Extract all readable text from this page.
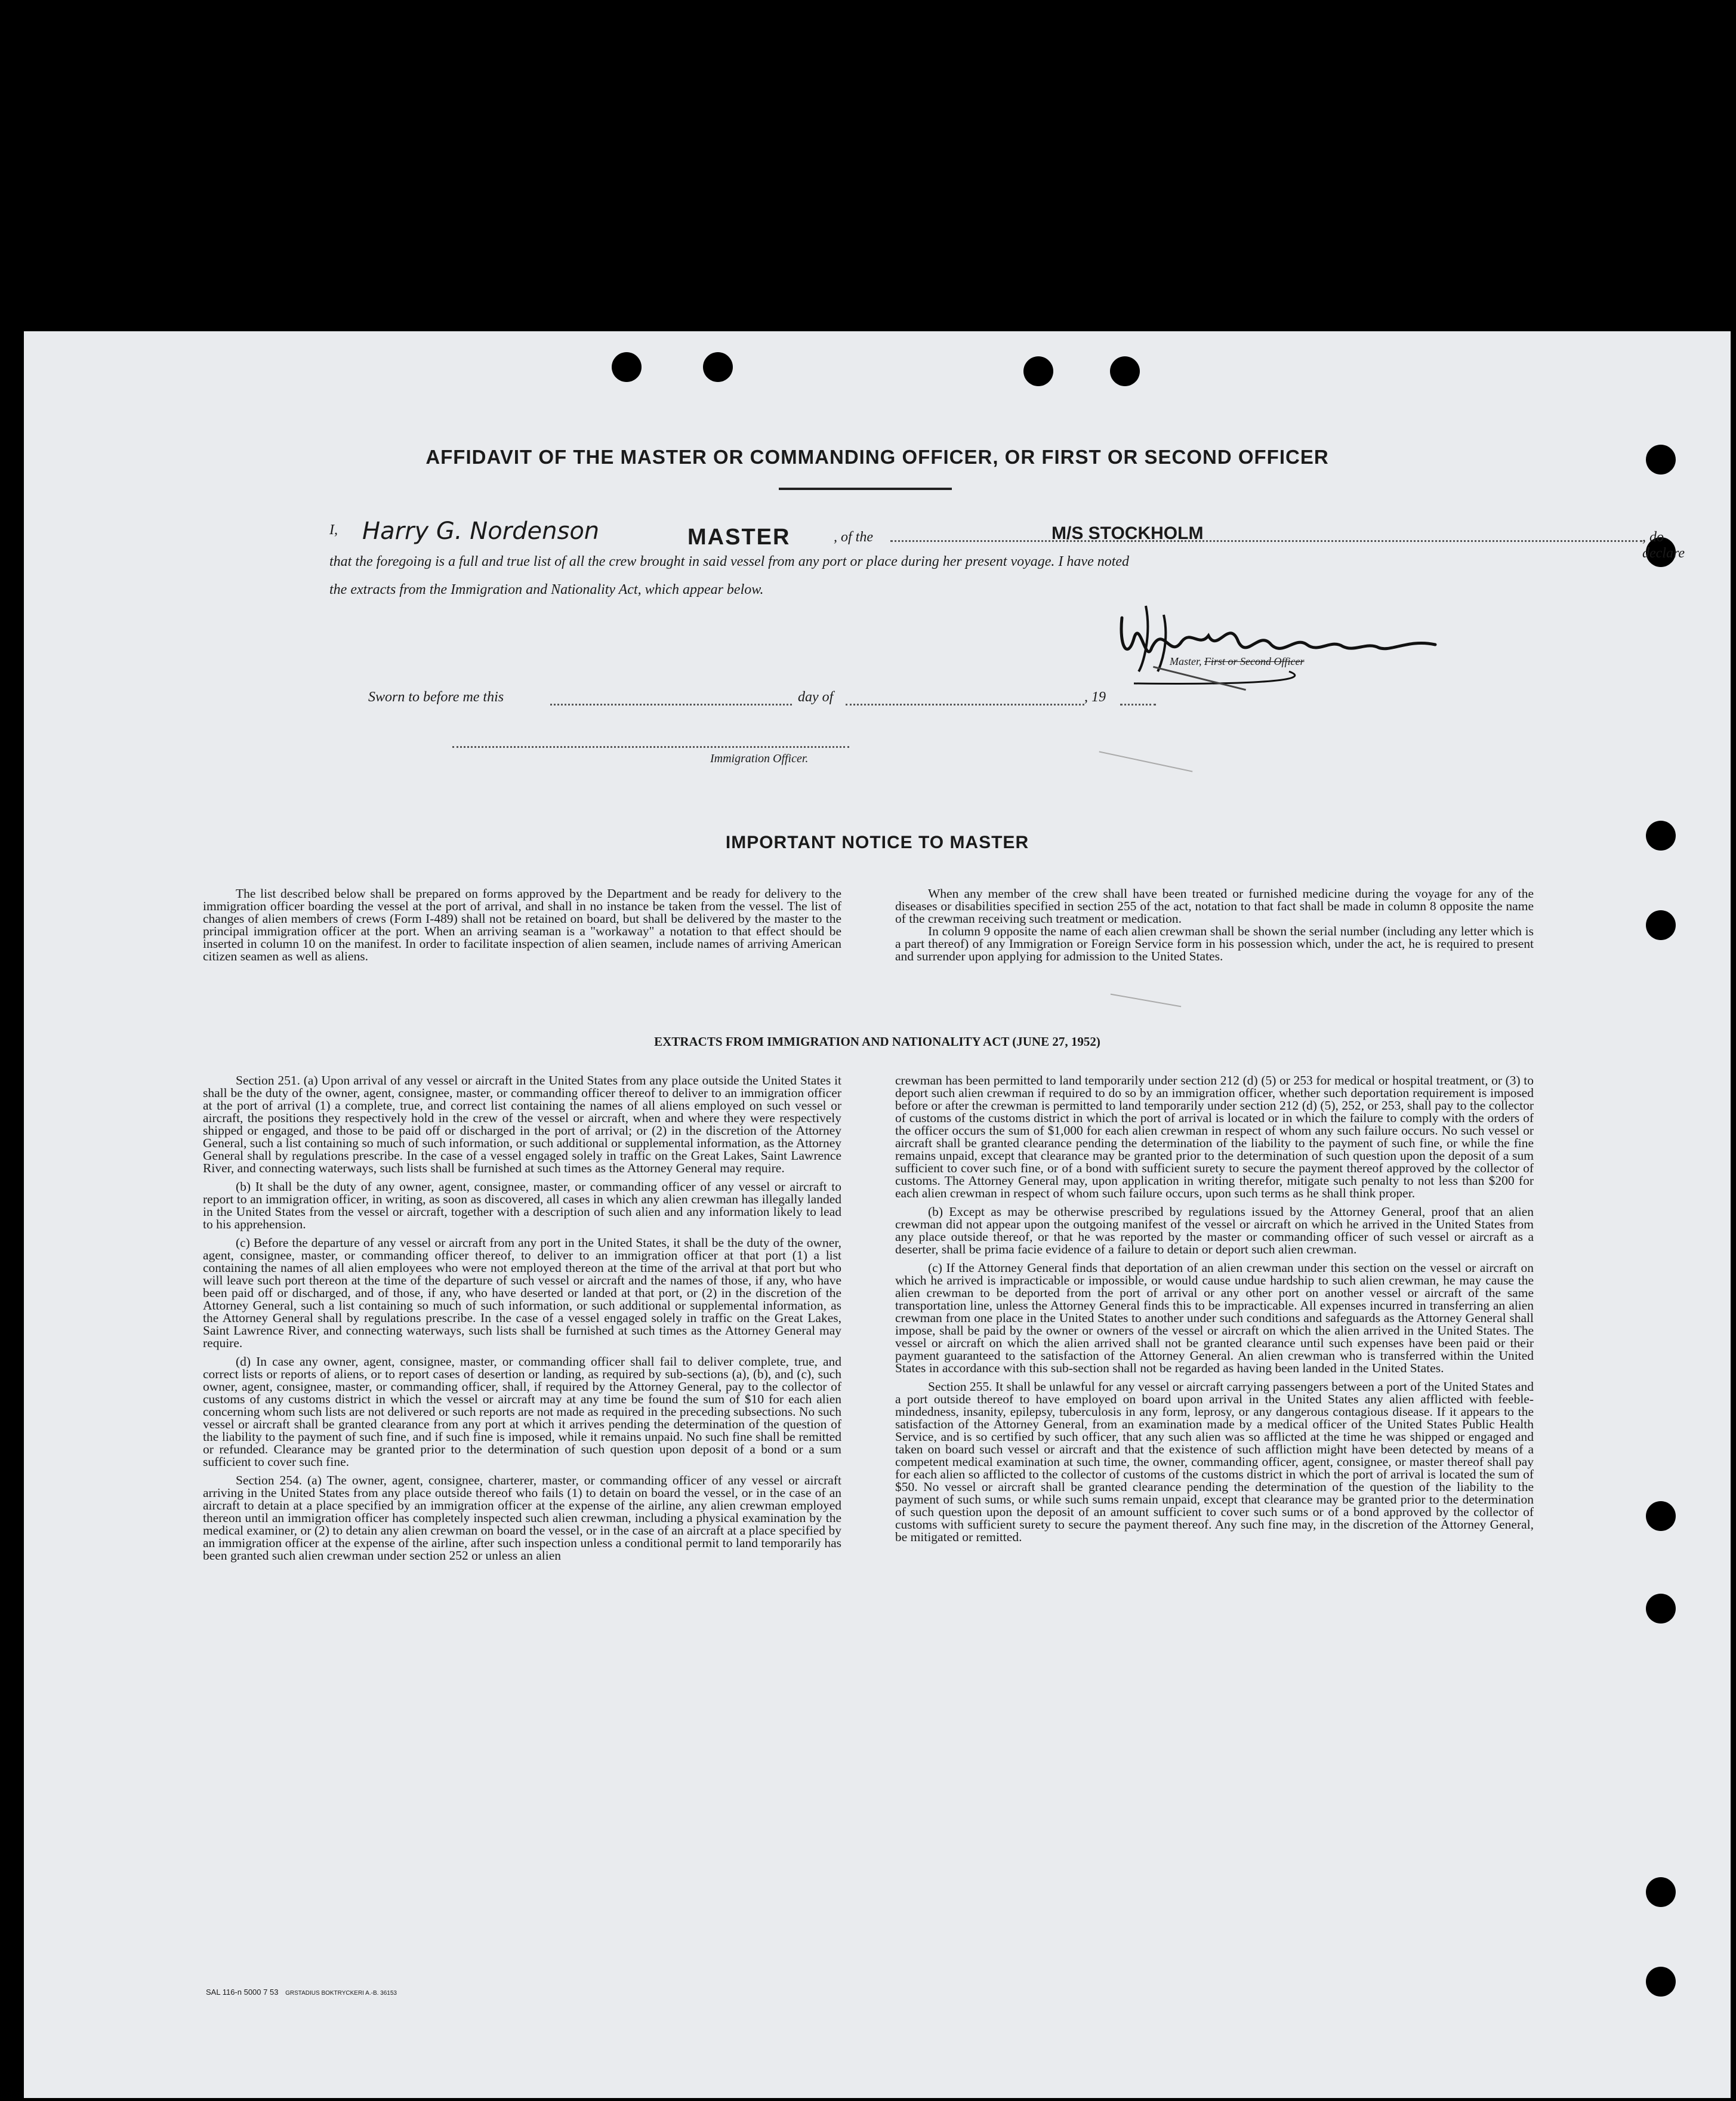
AFFIDAVIT OF THE MASTER OR COMMANDING OFFICER, OR FIRST OR SECOND OFFICER
I, Harry G. Nordenson	MASTER	, of the	M/S STOCKHOLM	, do declare
that the foregoing is a full and true list of all the crew brought in said vessel from any port or place during her present voyage. I have noted
the extracts from the Immigration and Nationality Act, which appear below.
Master, First or Second Officer
Sworn to before me this	day of	, 19
Immigration Officer.
IMPORTANT NOTICE TO MASTER

The list described below shall be prepared on forms approved by the Department and be ready for delivery to the immigration officer boarding the vessel at the port of arrival, and shall in no instance be taken from the vessel. The list of changes of alien members of crews (Form I-489) shall not be retained on board, but shall be delivered by the master to the principal immigration officer at the port. When an arriving seaman is a "workaway" a notation to that effect should be inserted in column 10 on the manifest. In order to facilitate inspection of alien seamen, include names of arriving American citizen seamen as well as aliens.

When any member of the crew shall have been treated or furnished medicine during the voyage for any of the diseases or disabilities specified in section 255 of the act, notation to that fact shall be made in column 8 opposite the name of the crewman receiving such treatment or medication.

In column 9 opposite the name of each alien crewman shall be shown the serial number (including any letter which is a part thereof) of any Immigration or Foreign Service form in his possession which, under the act, he is required to present and surrender upon applying for admission to the United States.

EXTRACTS FROM IMMIGRATION AND NATIONALITY ACT (JUNE 27, 1952)

Section 251. (a) Upon arrival of any vessel or aircraft in the United States from any place outside the United States it shall be the duty of the owner, agent, consignee, master, or commanding officer thereof to deliver to an immigration officer at the port of arrival (1) a complete, true, and correct list containing the names of all aliens employed on such vessel or aircraft, the positions they respectively hold in the crew of the vessel or aircraft, when and where they were respectively shipped or engaged, and those to be paid off or discharged in the port of arrival; or (2) in the discretion of the Attorney General, such a list containing so much of such information, or such additional or supplemental information, as the Attorney General shall by regulations prescribe. In the case of a vessel engaged solely in traffic on the Great Lakes, Saint Lawrence River, and connecting waterways, such lists shall be furnished at such times as the Attorney General may require.

(b) It shall be the duty of any owner, agent, consignee, master, or commanding officer of any vessel or aircraft to report to an immigration officer, in writing, as soon as discovered, all cases in which any alien crewman has illegally landed in the United States from the vessel or aircraft, together with a description of such alien and any information likely to lead to his apprehension.

(c) Before the departure of any vessel or aircraft from any port in the United States, it shall be the duty of the owner, agent, consignee, master, or commanding officer thereof, to deliver to an immigration officer at that port (1) a list containing the names of all alien employees who were not employed thereon at the time of the arrival at that port but who will leave such port thereon at the time of the departure of such vessel or aircraft and the names of those, if any, who have been paid off or discharged, and of those, if any, who have deserted or landed at that port, or (2) in the discretion of the Attorney General, such a list containing so much of such information, or such additional or supplemental information, as the Attorney General shall by regulations prescribe. In the case of a vessel engaged solely in traffic on the Great Lakes, Saint Lawrence River, and connecting waterways, such lists shall be furnished at such times as the Attorney General may require.

(d) In case any owner, agent, consignee, master, or commanding officer shall fail to deliver complete, true, and correct lists or reports of aliens, or to report cases of desertion or landing, as required by sub-sections (a), (b), and (c), such owner, agent, consignee, master, or commanding officer, shall, if required by the Attorney General, pay to the collector of customs of any customs district in which the vessel or aircraft may at any time be found the sum of $10 for each alien concerning whom such lists are not delivered or such reports are not made as required in the preceding subsections. No such vessel or aircraft shall be granted clearance from any port at which it arrives pending the determination of the question of the liability to the payment of such fine, and if such fine is imposed, while it remains unpaid. No such fine shall be remitted or refunded. Clearance may be granted prior to the determination of such question upon deposit of a bond or a sum sufficient to cover such fine.

Section 254. (a) The owner, agent, consignee, charterer, master, or commanding officer of any vessel or aircraft arriving in the United States from any place outside thereof who fails (1) to detain on board the vessel, or in the case of an aircraft to detain at a place specified by an immigration officer at the expense of the airline, any alien crewman employed thereon until an immigration officer has completely inspected such alien crewman, including a physical examination by the medical examiner, or (2) to detain any alien crewman on board the vessel, or in the case of an aircraft at a place specified by an immigration officer at the expense of the airline, after such inspection unless a conditional permit to land temporarily has been granted such alien crewman under section 252 or unless an alien

crewman has been permitted to land temporarily under section 212 (d) (5) or 253 for medical or hospital treatment, or (3) to deport such alien crewman if required to do so by an immigration officer, whether such deportation requirement is imposed before or after the crewman is permitted to land temporarily under section 212 (d) (5), 252, or 253, shall pay to the collector of customs of the customs district in which the port of arrival is located or in which the failure to comply with the orders of the officer occurs the sum of $1,000 for each alien crewman in respect of whom any such failure occurs. No such vessel or aircraft shall be granted clearance pending the determination of the liability to the payment of such fine, or while the fine remains unpaid, except that clearance may be granted prior to the determination of such question upon the deposit of a sum sufficient to cover such fine, or of a bond with sufficient surety to secure the payment thereof approved by the collector of customs. The Attorney General may, upon application in writing therefor, mitigate such penalty to not less than $200 for each alien crewman in respect of whom such failure occurs, upon such terms as he shall think proper.

(b) Except as may be otherwise prescribed by regulations issued by the Attorney General, proof that an alien crewman did not appear upon the outgoing manifest of the vessel or aircraft on which he arrived in the United States from any place outside thereof, or that he was reported by the master or commanding officer of such vessel or aircraft as a deserter, shall be prima facie evidence of a failure to detain or deport such alien crewman.

(c) If the Attorney General finds that deportation of an alien crewman under this section on the vessel or aircraft on which he arrived is impracticable or impossible, or would cause undue hardship to such alien crewman, he may cause the alien crewman to be deported from the port of arrival or any other port on another vessel or aircraft of the same transportation line, unless the Attorney General finds this to be impracticable. All expenses incurred in transferring an alien crewman from one place in the United States to another under such conditions and safeguards as the Attorney General shall impose, shall be paid by the owner or owners of the vessel or aircraft on which the alien arrived in the United States. The vessel or aircraft on which the alien arrived shall not be granted clearance until such expenses have been paid or their payment guaranteed to the satisfaction of the Attorney General. An alien crewman who is transferred within the United States in accordance with this sub-section shall not be regarded as having been landed in the United States.

Section 255. It shall be unlawful for any vessel or aircraft carrying passengers between a port of the United States and a port outside thereof to have employed on board upon arrival in the United States any alien afflicted with feeble-mindedness, insanity, epilepsy, tuberculosis in any form, leprosy, or any dangerous contagious disease. If it appears to the satisfaction of the Attorney General, from an examination made by a medical officer of the United States Public Health Service, and is so certified by such officer, that any such alien was so afflicted at the time he was shipped or engaged and taken on board such vessel or aircraft and that the existence of such affliction might have been detected by means of a competent medical examination at such time, the owner, commanding officer, agent, consignee, or master thereof shall pay for each alien so afflicted to the collector of customs of the customs district in which the port of arrival is located the sum of $50. No vessel or aircraft shall be granted clearance pending the determination of the question of the liability to the payment of such sums, or while such sums remain unpaid, except that clearance may be granted prior to the determination of such question upon the deposit of an amount sufficient to cover such sums or of a bond approved by the collector of customs with sufficient surety to secure the payment thereof. Any such fine may, in the discretion of the Attorney General, be mitigated or remitted.

SAL 116-n 5000 7 53 GRSTADIUS BOKTRYCKERI A.-B. 36153
